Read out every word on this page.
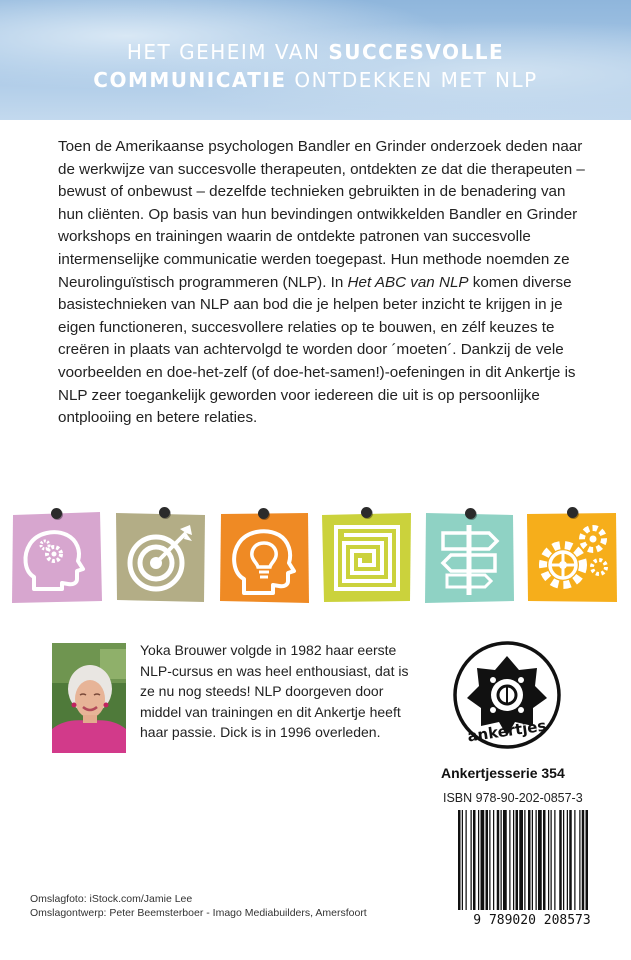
HET GEHEIM VAN SUCCESVOLLE
COMMUNICATIE ONTDEKKEN MET NLP
Toen de Amerikaanse psychologen Bandler en Grinder onderzoek deden naar de werkwijze van succesvolle therapeuten, ontdekten ze dat die therapeuten – bewust of onbewust – dezelfde technieken gebruikten in de benadering van hun cliënten. Op basis van hun bevindingen ontwikkelden Bandler en Grinder workshops en trainingen waarin de ontdekte patronen van succesvolle intermenselijke communicatie werden toegepast. Hun methode noemden ze Neurolinguïstisch programmeren (NLP). In Het ABC van NLP komen diverse basistechnieken van NLP aan bod die je helpen beter inzicht te krijgen in je eigen functioneren, succesvollere relaties op te bouwen, en zélf keuzes te creëren in plaats van achtervolgd te worden door ´moeten´. Dankzij de vele voorbeelden en doe-het-zelf (of doe-het-samen!)-oefeningen in dit Ankertje is NLP zeer toegankelijk geworden voor iedereen die uit is op persoonlijke ontplooiing en betere relaties.
Yoka Brouwer volgde in 1982 haar eerste NLP-cursus en was heel enthousiast, dat is ze nu nog steeds! NLP doorgeven door middel van trainingen en dit Ankertje heeft haar passie. Dick is in 1996 overleden.	ankertjes
Ankertjesserie 354
ISBN 978-90-202-0857-3
9 789020 208573
Omslagfoto: iStock.com/Jamie Lee
Omslagontwerp: Peter Beemsterboer - Imago Mediabuilders, Amersfoort
